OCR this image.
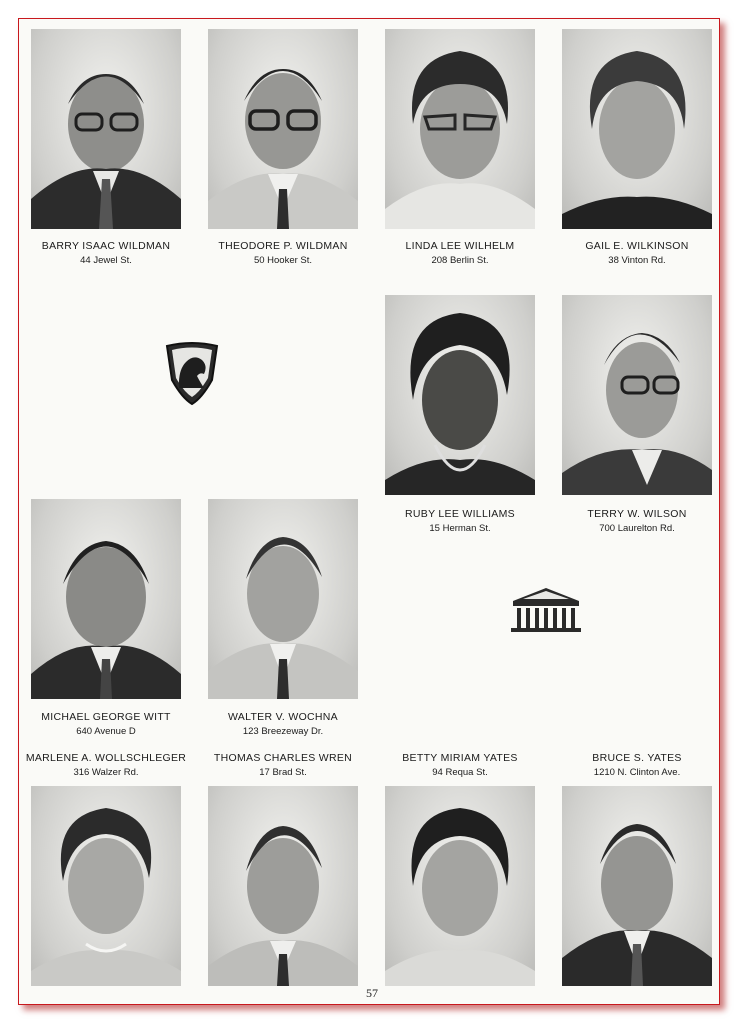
BARRY ISAAC WILDMAN
44 Jewel St.
THEODORE P. WILDMAN
50 Hooker St.
LINDA LEE WILHELM
208 Berlin St.
GAIL E. WILKINSON
38 Vinton Rd.
RUBY LEE WILLIAMS
15 Herman St.
TERRY W. WILSON
700 Laurelton Rd.
MICHAEL GEORGE WITT
640 Avenue D
WALTER V. WOCHNA
123 Breezeway Dr.
MARLENE A. WOLLSCHLEGER
316 Walzer Rd.
THOMAS CHARLES WREN
17 Brad St.
BETTY MIRIAM YATES
94 Requa St.
BRUCE S. YATES
1210 N. Clinton Ave.
57
